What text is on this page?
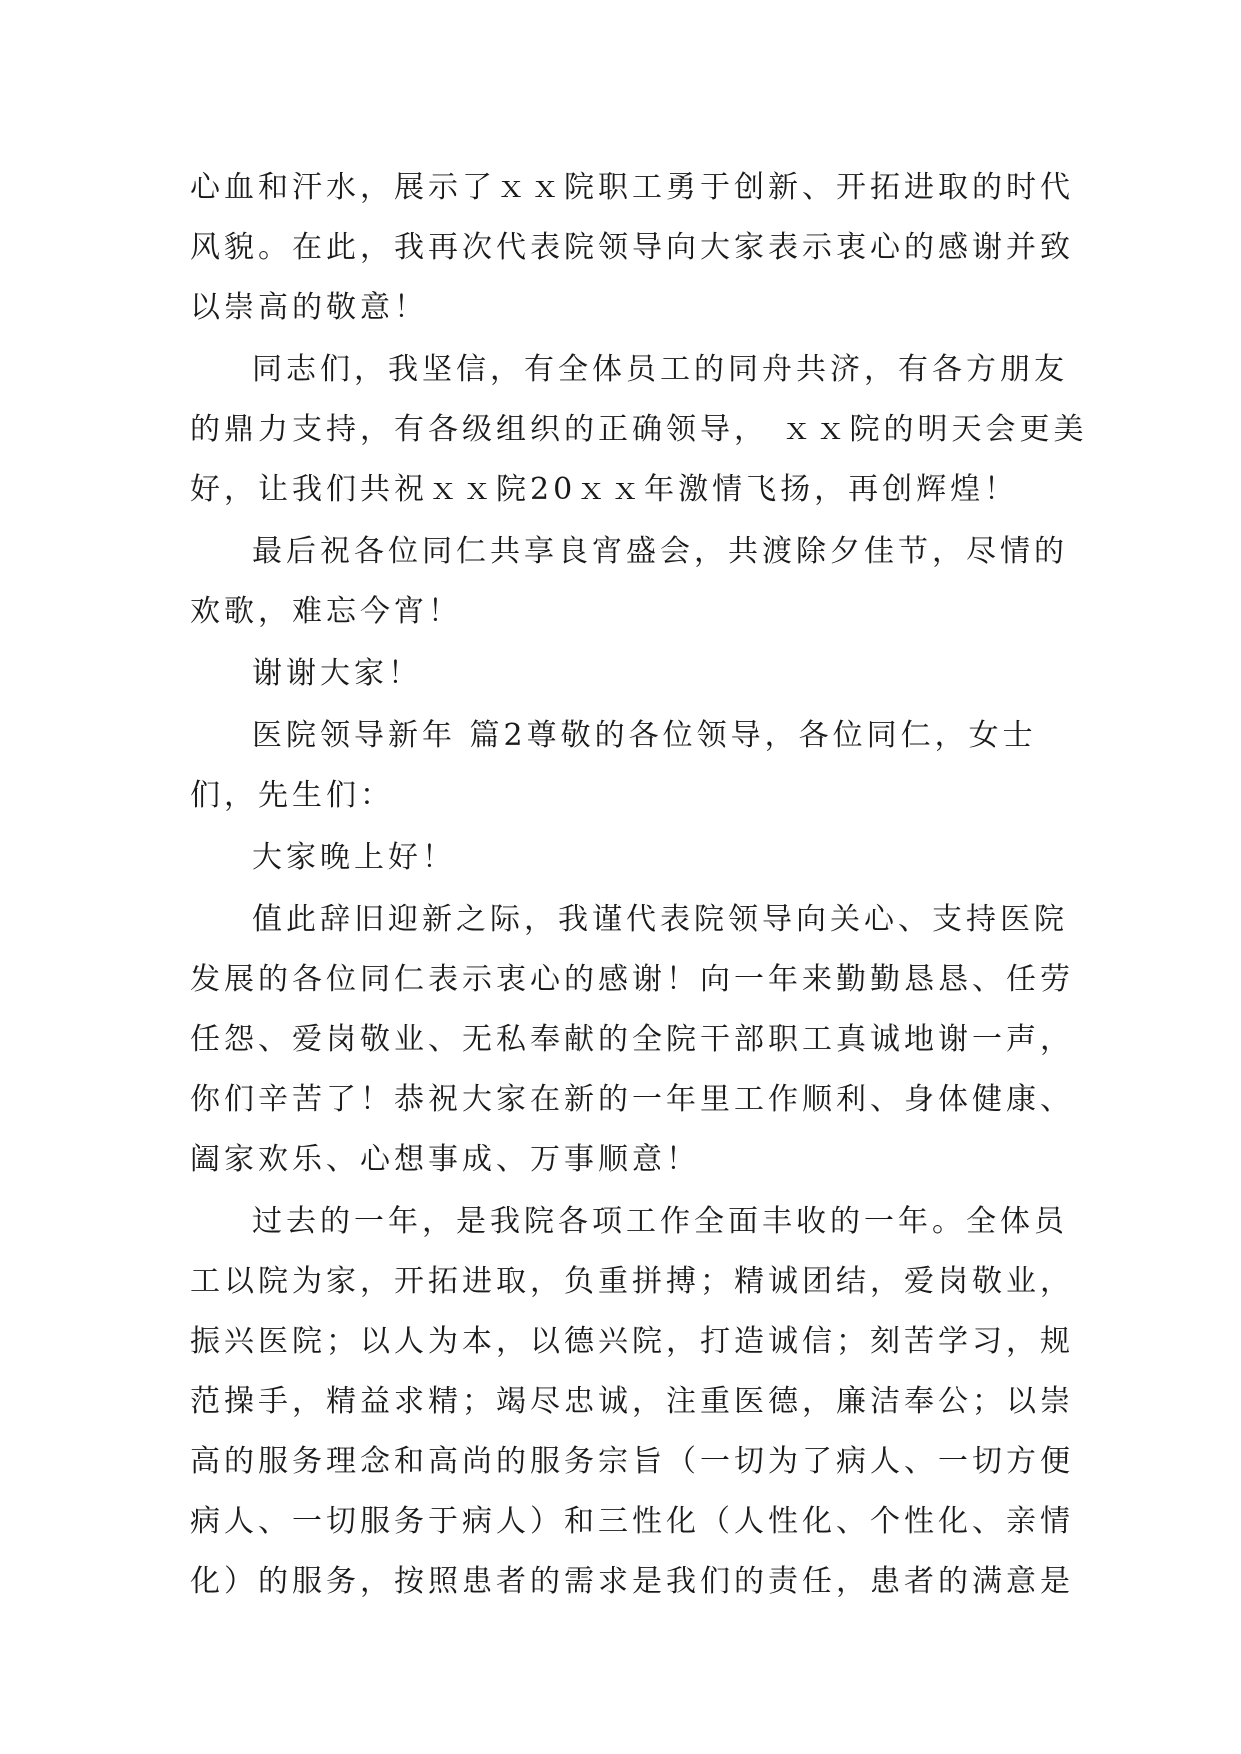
心血和汗水，展示了ｘｘ院职工勇于创新、开拓进取的时代
风貌。在此，我再次代表院领导向大家表示衷心的感谢并致
以崇高的敬意！
同志们，我坚信，有全体员工的同舟共济，有各方朋友
的鼎力支持，有各级组织的正确领导， ｘｘ院的明天会更美
好，让我们共祝ｘｘ院20ｘｘ年激情飞扬，再创辉煌！
最后祝各位同仁共享良宵盛会，共渡除夕佳节，尽情的
欢歌，难忘今宵！
谢谢大家！
医院领导新年 篇2尊敬的各位领导，各位同仁，女士
们，先生们：
大家晚上好！
值此辞旧迎新之际，我谨代表院领导向关心、支持医院
发展的各位同仁表示衷心的感谢！向一年来勤勤恳恳、任劳
任怨、爱岗敬业、无私奉献的全院干部职工真诚地谢一声，
你们辛苦了！恭祝大家在新的一年里工作顺利、身体健康、
阖家欢乐、心想事成、万事顺意！
过去的一年，是我院各项工作全面丰收的一年。全体员
工以院为家，开拓进取，负重拼搏；精诚团结，爱岗敬业，
振兴医院；以人为本，以德兴院，打造诚信；刻苦学习，规
范操手，精益求精；竭尽忠诚，注重医德，廉洁奉公；以崇
高的服务理念和高尚的服务宗旨（一切为了病人、一切方便
病人、一切服务于病人）和三性化（人性化、个性化、亲情
化）的服务，按照患者的需求是我们的责任，患者的满意是
